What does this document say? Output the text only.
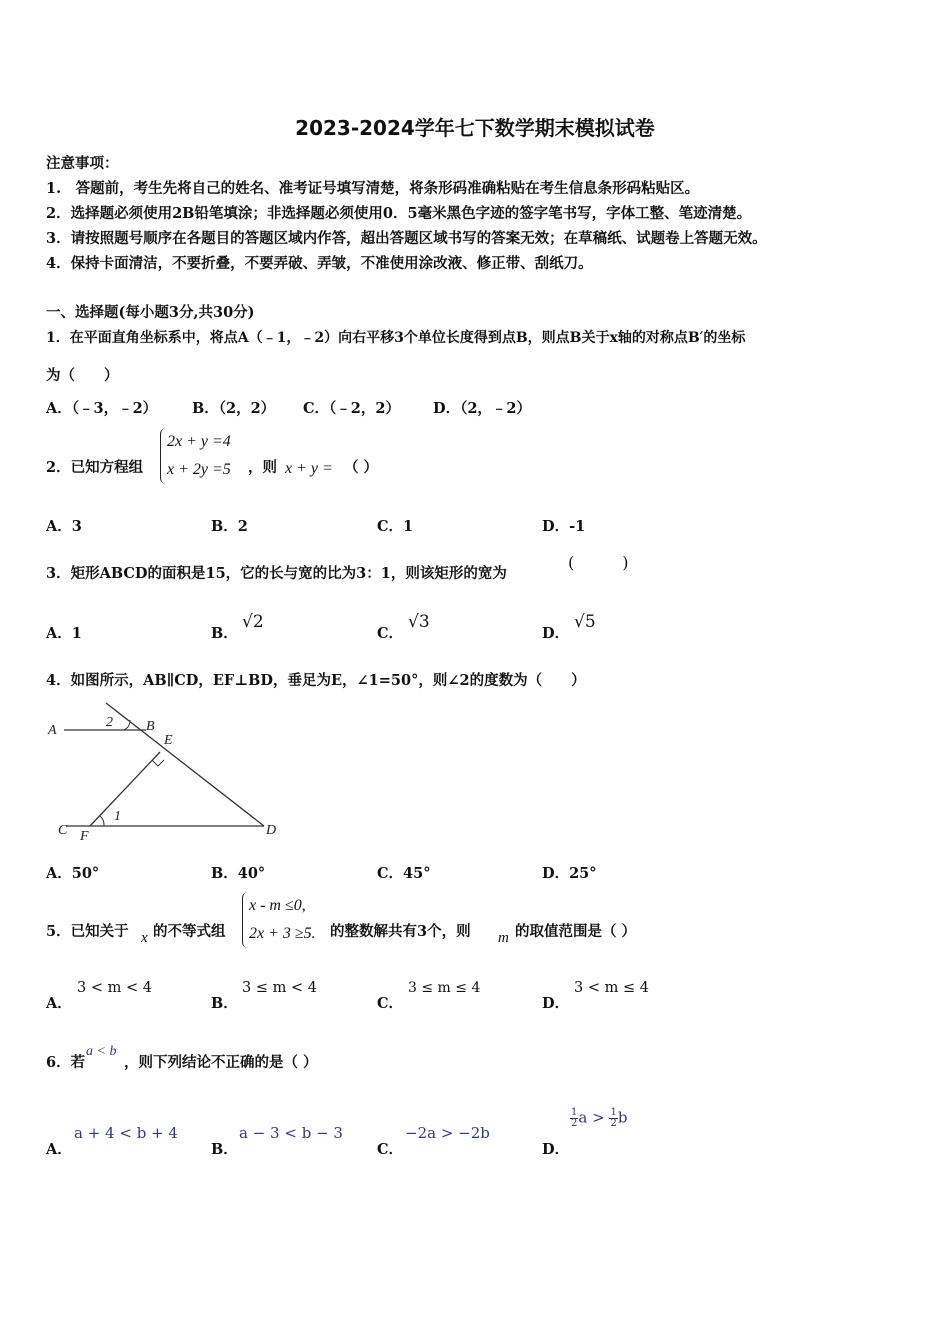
2023-2024学年七下数学期末模拟试卷
注意事项：
1.　答题前，考生先将自己的姓名、准考证号填写清楚，将条形码准确粘贴在考生信息条形码粘贴区。
2．选择题必须使用2B铅笔填涂；非选择题必须使用0．5毫米黑色字迹的签字笔书写，字体工整、笔迹清楚。
3．请按照题号顺序在各题目的答题区域内作答，超出答题区域书写的答案无效；在草稿纸、试题卷上答题无效。
4．保持卡面清洁，不要折叠，不要弄破、弄皱，不准使用涂改液、修正带、刮纸刀。
一、选择题(每小题3分,共30分)
1．在平面直角坐标系中，将点A（﹣1，﹣2）向右平移3个单位长度得到点B，则点B关于x轴的对称点B′的坐标
为（　　）
A．（﹣3，﹣2） B．（2，2） C．（﹣2，2） D．（2，﹣2）
2．已知方程组
2x + y =4
x + 2y =5 ，则 x + y = （ ）
A．3	B．2	C．1	D．-1
3．矩形ABCD的面积是15，它的长与宽的比为3：1，则该矩形的宽为
(　　　)
A．1	B．
√2
C．
√3
D．
√5
4．如图所示，AB∥CD，EF⊥BD，垂足为E，∠1=50°，则∠2的度数为（　　）
A
2 B
E
1
C F	D
A．50°	B．40°	C．45°	D．25°
5．已知关于 x 的不等式组
x - m ≤0,
2x + 3 ≥5. 的整数解共有3个，则 m 的取值范围是（ ）
A．
3 < m < 4
B．
3 ≤ m < 4
C．
3 ≤ m ≤ 4
D．
3 < m ≤ 4
6．若
a < b
，则下列结论不正确的是（ ）
A．
a + 4 < b + 4
B．
a − 3 < b − 3
C．
−2a > −2b
D．
$\frac{1}{2}$ $a > \frac{1}{2}$ b
